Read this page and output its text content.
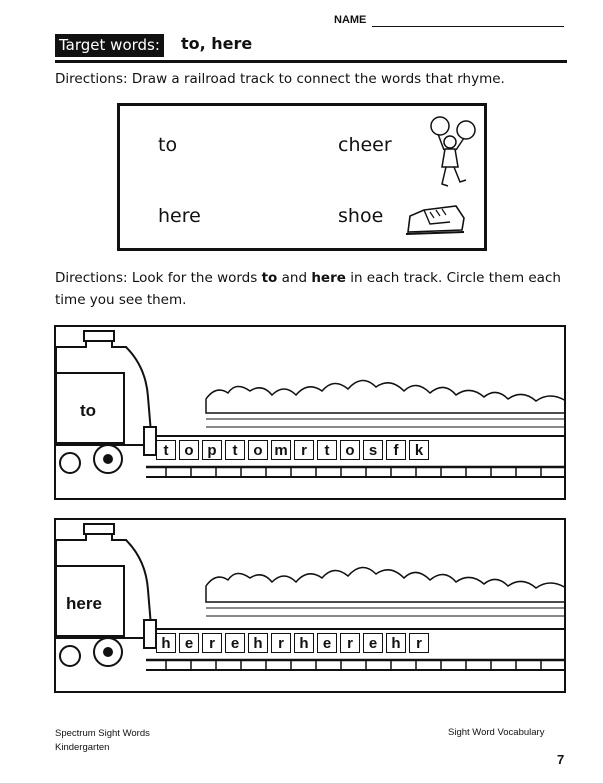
NAME
Target words: to, here
Directions: Draw a railroad track to connect the words that rhyme.
to
here
cheer
shoe
Directions: Look for the words to and here in each track. Circle them each time you see them.
to
t	o p	t	o m r	t	o s	f	k
here
h e	r	e h	r	h e	r	e h	r
Spectrum Sight Words
Kindergarten
Sight Word Vocabulary
7
